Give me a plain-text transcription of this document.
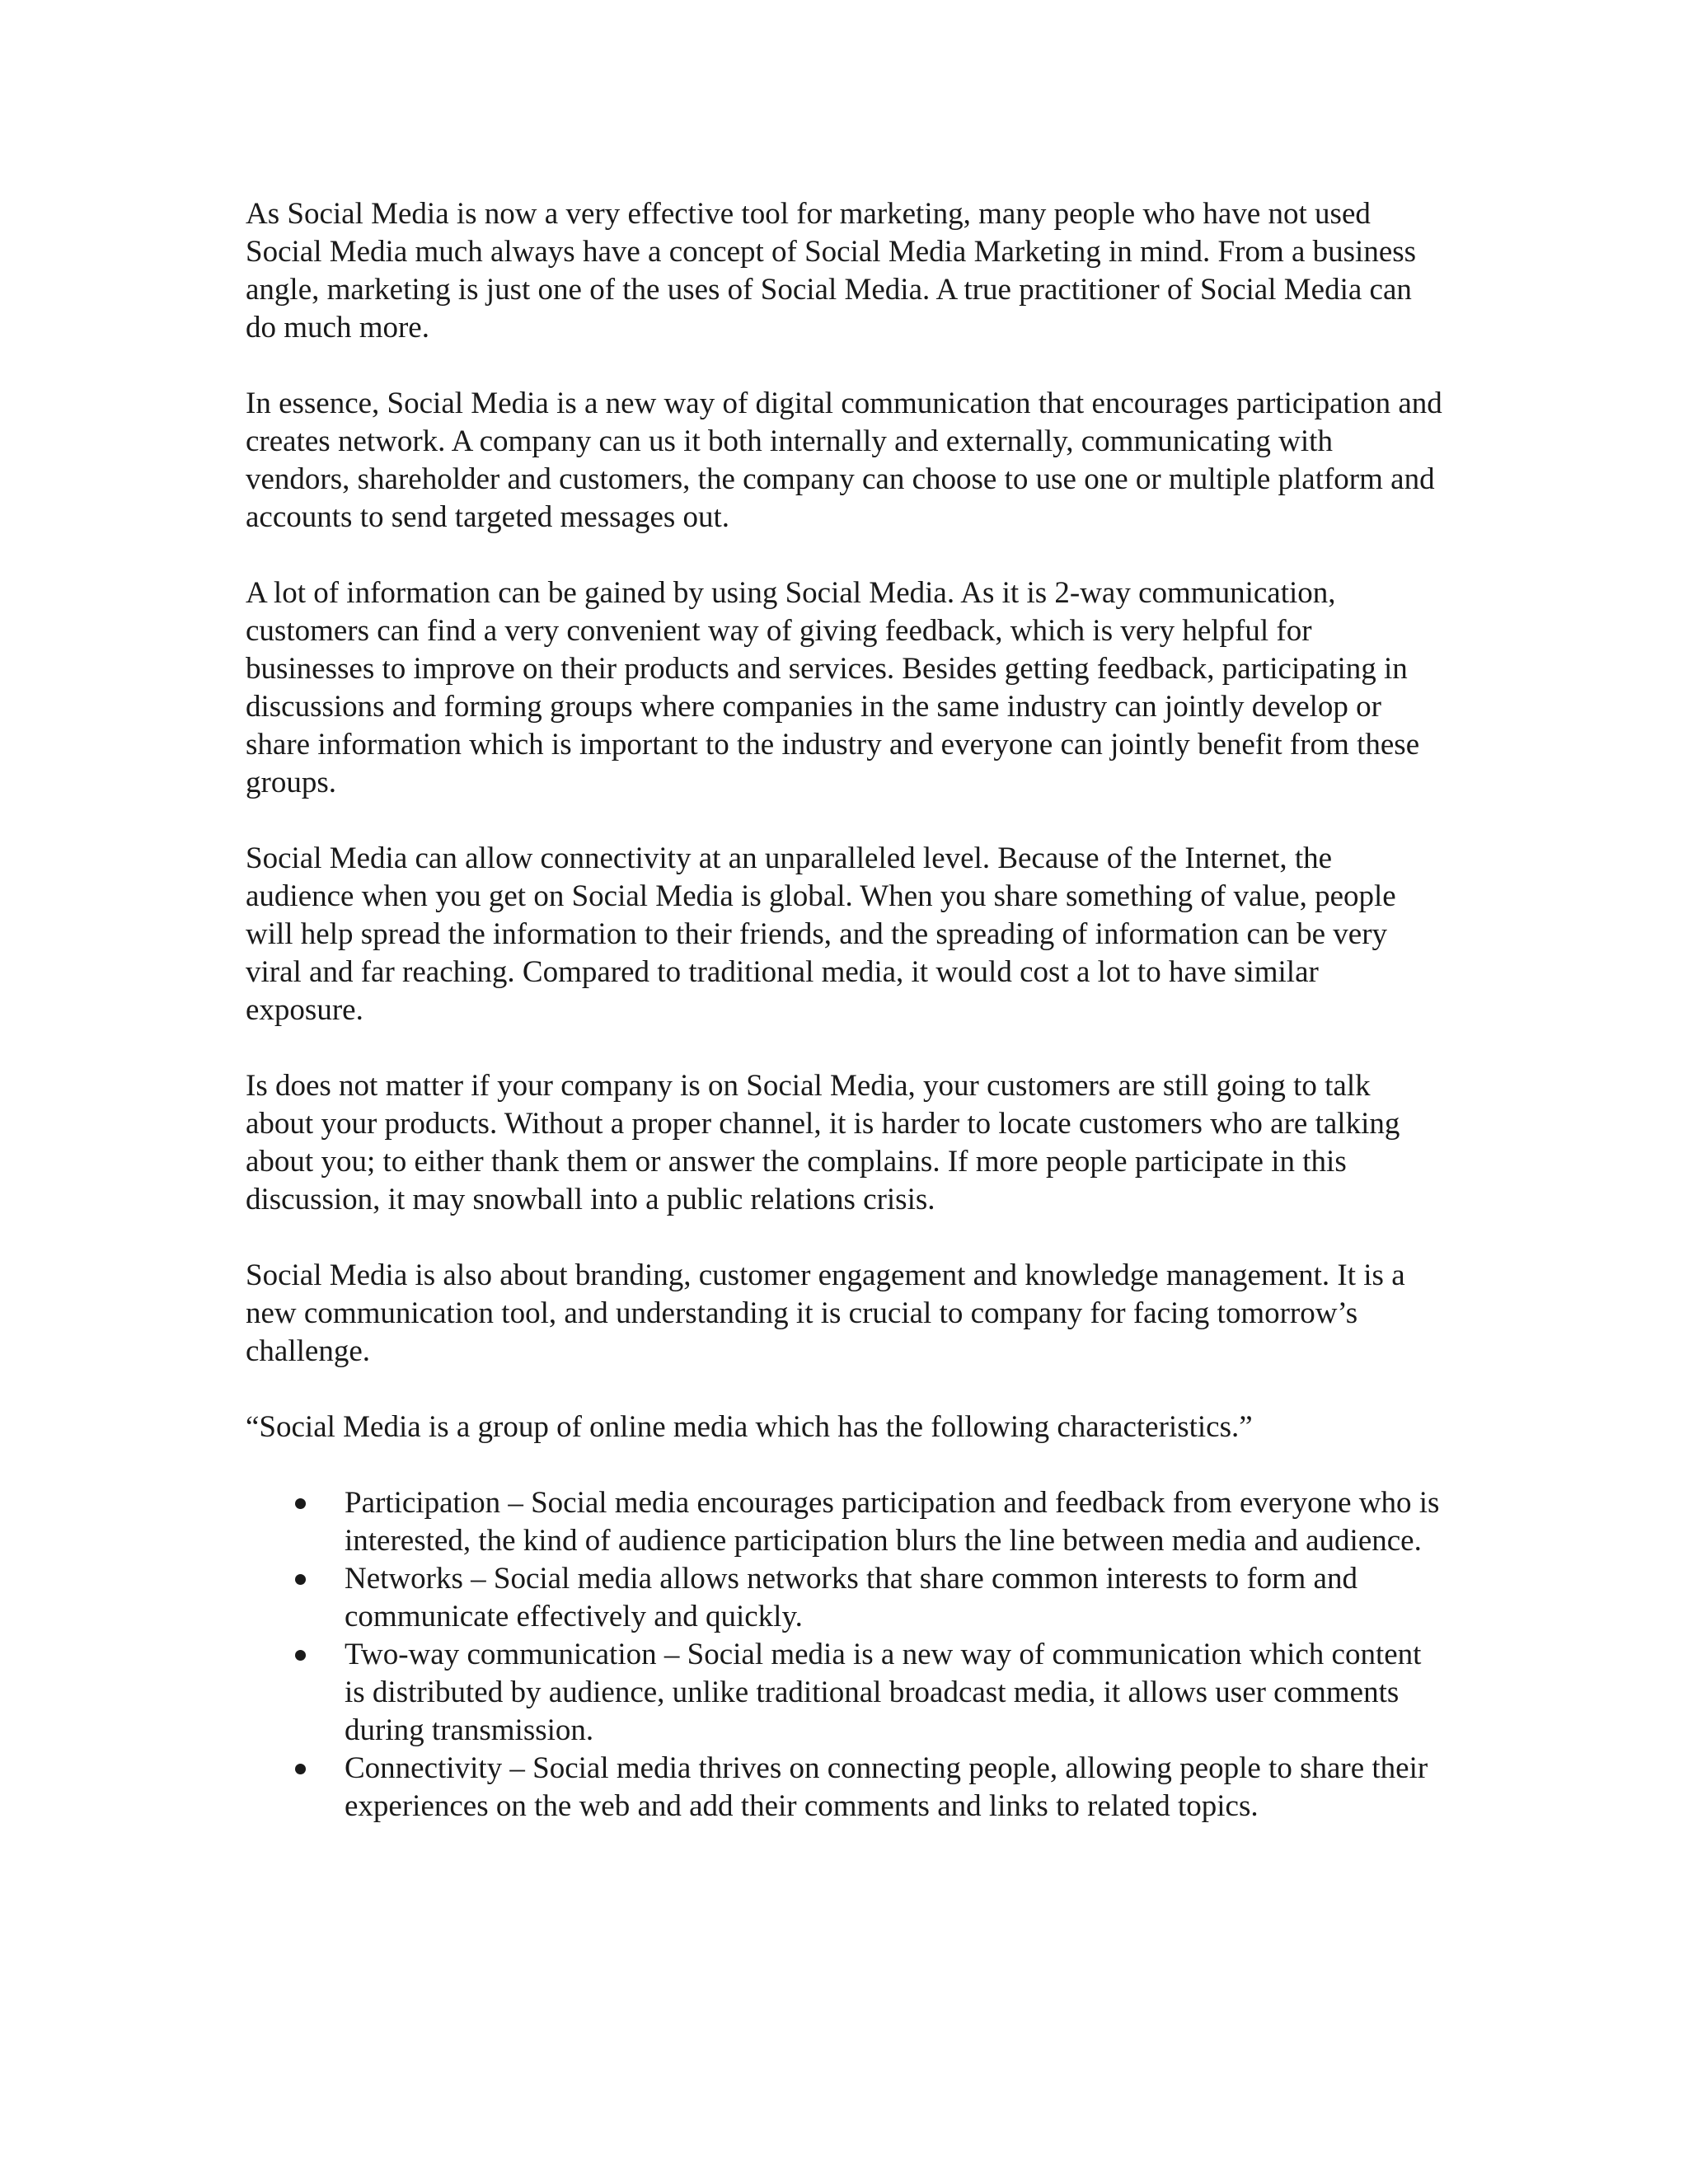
As Social Media is now a very effective tool for marketing, many people who have not used Social Media much always have a concept of Social Media Marketing in mind. From a business angle, marketing is just one of the uses of Social Media. A true practitioner of Social Media can do much more.

In essence, Social Media is a new way of digital communication that encourages participation and creates network. A company can us it both internally and externally, communicating with vendors, shareholder and customers, the company can choose to use one or multiple platform and accounts to send targeted messages out.

A lot of information can be gained by using Social Media. As it is 2-way communication, customers can find a very convenient way of giving feedback, which is very helpful for businesses to improve on their products and services. Besides getting feedback, participating in discussions and forming groups where companies in the same industry can jointly develop or share information which is important to the industry and everyone can jointly benefit from these groups.

Social Media can allow connectivity at an unparalleled level. Because of the Internet, the audience when you get on Social Media is global. When you share something of value, people will help spread the information to their friends, and the spreading of information can be very viral and far reaching. Compared to traditional media, it would cost a lot to have similar exposure.

Is does not matter if your company is on Social Media, your customers are still going to talk about your products. Without a proper channel, it is harder to locate customers who are talking about you; to either thank them or answer the complains. If more people participate in this discussion, it may snowball into a public relations crisis.

Social Media is also about branding, customer engagement and knowledge management. It is a new communication tool, and understanding it is crucial to company for facing tomorrow’s challenge.

“Social Media is a group of online media which has the following characteristics.”

Participation – Social media encourages participation and feedback from everyone who is interested, the kind of audience participation blurs the line between media and audience.
Networks – Social media allows networks that share common interests to form and communicate effectively and quickly.
Two-way communication – Social media is a new way of communication which content is distributed by audience, unlike traditional broadcast media, it allows user comments during transmission.
Connectivity – Social media thrives on connecting people, allowing people to share their experiences on the web and add their comments and links to related topics.
